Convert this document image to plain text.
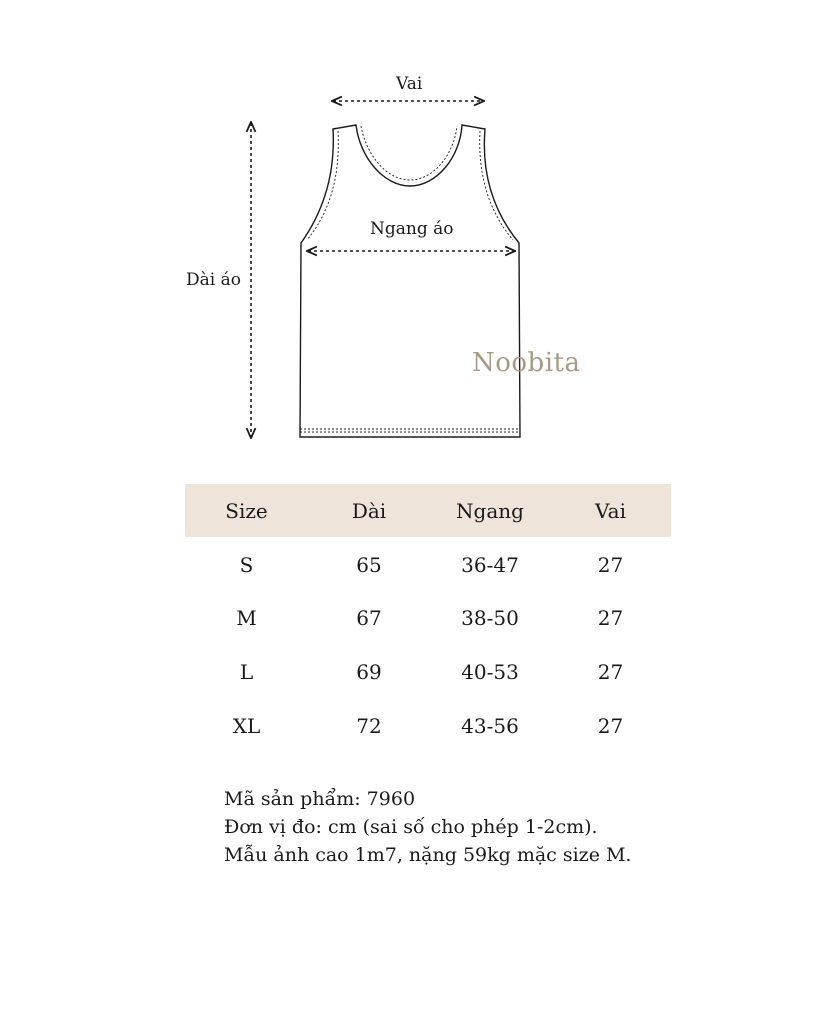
Vai
Ngang áo
Dài áo
Noobita
Size	Dài	Ngang	Vai
S	65	36-47	27
M	67	38-50	27
L	69	40-53	27
XL	72	43-56	27

Mã sản phẩm: 7960

Đơn vị đo: cm (sai số cho phép 1-2cm).

Mẫu ảnh cao 1m7, nặng 59kg mặc size M.
